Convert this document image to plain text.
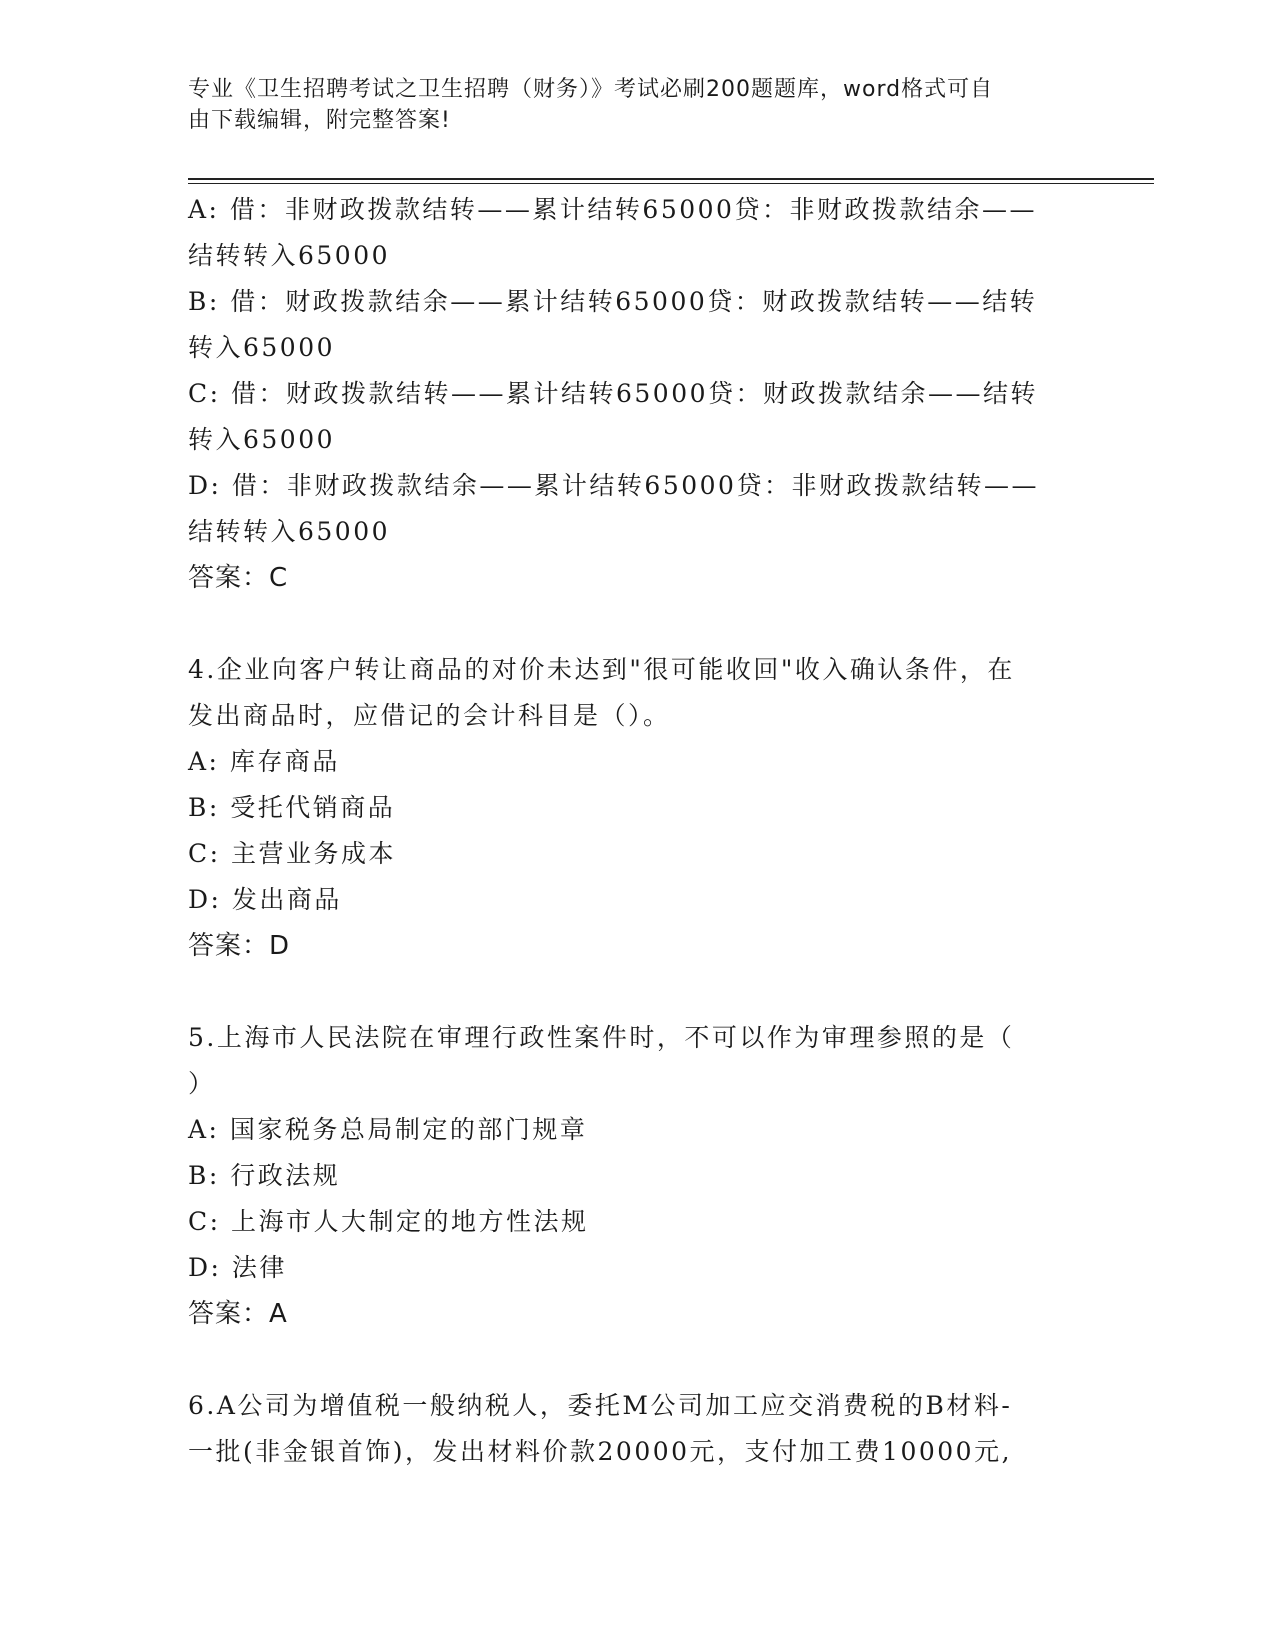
专业《卫生招聘考试之卫生招聘（财务）》考试必刷200题题库，word格式可自
由下载编辑，附完整答案!

A: 借：非财政拨款结转——累计结转65000贷：非财政拨款结余——

结转转入65000

B: 借：财政拨款结余——累计结转65000贷：财政拨款结转——结转

转入65000

C: 借：财政拨款结转——累计结转65000贷：财政拨款结余——结转

转入65000

D: 借：非财政拨款结余——累计结转65000贷：非财政拨款结转——

结转转入65000

答案：C

4.企业向客户转让商品的对价未达到"很可能收回"收入确认条件，在

发出商品时，应借记的会计科目是（）。

A: 库存商品

B: 受托代销商品

C: 主营业务成本

D: 发出商品

答案：D

5.上海市人民法院在审理行政性案件时，不可以作为审理参照的是（

）

A: 国家税务总局制定的部门规章

B: 行政法规

C: 上海市人大制定的地方性法规

D: 法律

答案：A

6.A公司为增值税一般纳税人，委托M公司加工应交消费税的B材料-

一批(非金银首饰)，发出材料价款20000元，支付加工费10000元,
